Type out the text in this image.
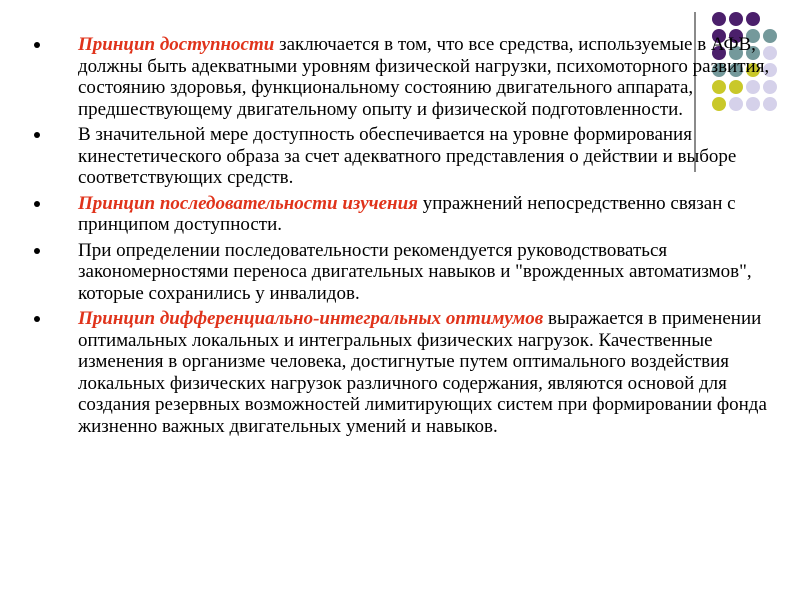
Принцип доступности заключается в том, что все средства, используемые в АФВ, должны быть адекватными уровням физической нагрузки, психомоторного развития, состоянию здоровья, функциональному состоянию двигательного аппарата, предшествующему двигательному опыту и физической подготовленности.
В значительной мере доступность обеспечивается на уровне формирования кинестетического образа за счет адекватного представления о действии и выборе соответствующих средств.
Принцип последовательности изучения упражнений непосредственно связан с принципом доступности.
При определении последовательности рекомендуется руководствоваться закономерностями переноса двигательных навыков и "врожденных автоматизмов", которые сохранились у инвалидов.
Принцип дифференциально-интегральных оптимумов выражается в применении оптимальных локальных и интегральных физических нагрузок. Качественные изменения в организме человека, достигнутые путем оптимального воздействия локальных физических нагрузок различного содержания, являются основой для создания резервных возможностей лимитирующих систем при формировании фонда жизненно важных двигательных умений и навыков.
